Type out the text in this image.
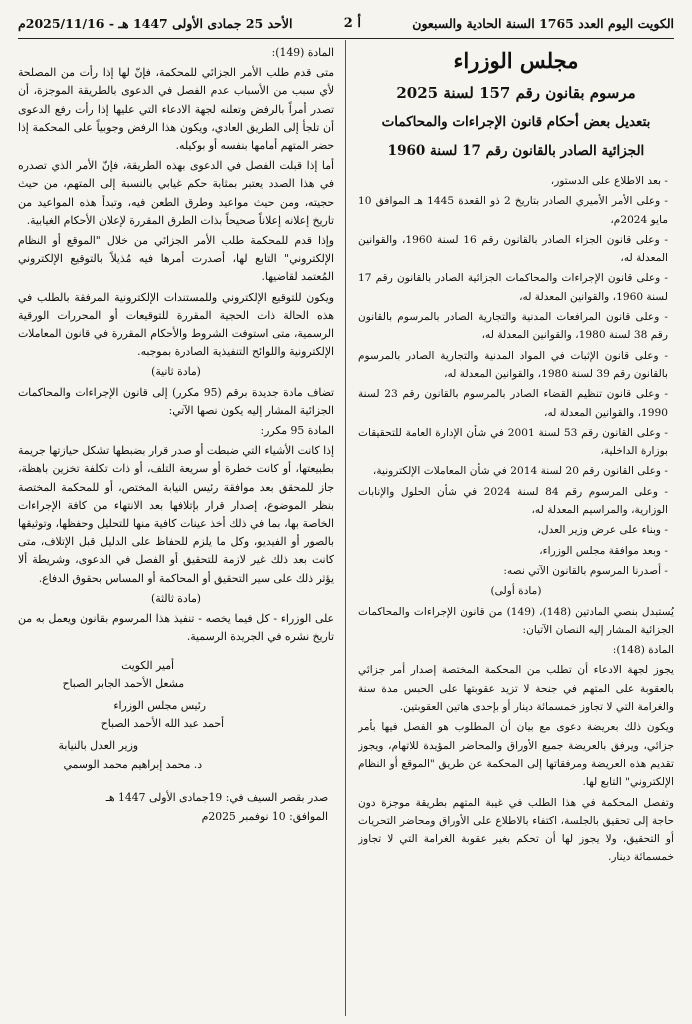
الكويت اليوم العدد 1765 السنة الحادية والسبعون
أ 2
الأحد 25 جمادى الأولى 1447 هـ - 2025/11/16م
مجلس الوزراء
مرسوم بقانون رقم 157 لسنة 2025
بتعديل بعض أحكام قانون الإجراءات والمحاكمات
الجزائية الصادر بالقانون رقم 17 لسنة 1960

- بعد الاطلاع على الدستور،

- وعلى الأمر الأميري الصادر بتاريخ 2 ذو القعدة 1445 هـ الموافق 10 مايو 2024م،

- وعلى قانون الجزاء الصادر بالقانون رقم 16 لسنة 1960، والقوانين المعدلة له،

- وعلى قانون الإجراءات والمحاكمات الجزائية الصادر بالقانون رقم 17 لسنة 1960، والقوانين المعدلة له،

- وعلى قانون المرافعات المدنية والتجارية الصادر بالمرسوم بالقانون رقم 38 لسنة 1980، والقوانين المعدلة له،

- وعلى قانون الإثبات في المواد المدنية والتجارية الصادر بالمرسوم بالقانون رقم 39 لسنة 1980، والقوانين المعدلة له،

- وعلى قانون تنظيم القضاء الصادر بالمرسوم بالقانون رقم 23 لسنة 1990، والقوانين المعدلة له،

- وعلى القانون رقم 53 لسنة 2001 في شأن الإدارة العامة للتحقيقات بوزارة الداخلية،

- وعلى القانون رقم 20 لسنة 2014 في شأن المعاملات الإلكترونية،

- وعلى المرسوم رقم 84 لسنة 2024 في شأن الحلول والإنابات الوزارية، والمراسيم المعدلة له،

- وبناء على عرض وزير العدل،

- وبعد موافقة مجلس الوزراء،

- أصدرنا المرسوم بالقانون الآتي نصه:

(مادة أولى)

يُستبدل بنصي المادتين (148)، (149) من قانون الإجراءات والمحاكمات الجزائية المشار إليه النصان الآتيان:

المادة (148):

يجوز لجهة الادعاء أن تطلب من المحكمة المختصة إصدار أمر جزائي بالعقوبة على المتهم في جنحة لا تزيد عقوبتها على الحبس مدة سنة والغرامة التي لا تجاوز خمسمائة دينار أو بإحدى هاتين العقوبتين.

ويكون ذلك بعريضة دعوى مع بيان أن المطلوب هو الفصل فيها بأمر جزائي، ويرفق بالعريضة جميع الأوراق والمحاضر المؤيدة للاتهام، ويجوز تقديم هذه العريضة ومرفقاتها إلى المحكمة عن طريق "الموقع أو النظام الإلكتروني" التابع لها.

وتفصل المحكمة في هذا الطلب في غيبة المتهم بطريقة موجزة دون حاجة إلى تحقيق بالجلسة، اكتفاء بالاطلاع على الأوراق ومحاضر التحريات أو التحقيق، ولا يجوز لها أن تحكم بغير عقوبة الغرامة التي لا تجاوز خمسمائة دينار.

المادة (149):

متى قدم طلب الأمر الجزائي للمحكمة، فإنّ لها إذا رأت من المصلحة لأي سبب من الأسباب عدم الفصل في الدعوى بالطريقة الموجزة، أن تصدر أمراً بالرفض وتعلنه لجهة الادعاء التي عليها إذا رأت رفع الدعوى أن تلجأ إلى الطريق العادي، ويكون هذا الرفض وجوبياً على المحكمة إذا حضر المتهم أمامها بنفسه أو بوكيله.

أما إذا قبلت الفصل في الدعوى بهذه الطريقة، فإنّ الأمر الذي تصدره في هذا الصدد يعتبر بمثابة حكم غيابي بالنسبة إلى المتهم، من حيث حجيته، ومن حيث مواعيد وطرق الطعن فيه، وتبدأ هذه المواعيد من تاريخ إعلانه إعلاناً صحيحاً بذات الطرق المقررة لإعلان الأحكام الغيابية.

وإذا قدم للمحكمة طلب الأمر الجزائي من خلال "الموقع أو النظام الإلكتروني" التابع لها، أصدرت أمرها فيه مُذيلاً بالتوقيع الإلكتروني المُعتمد لقاضيها.

ويكون للتوقيع الإلكتروني وللمستندات الإلكترونية المرفقة بالطلب في هذه الحالة ذات الحجية المقررة للتوقيعات أو المحررات الورقية الرسمية، متى استوفت الشروط والأحكام المقررة في قانون المعاملات الإلكترونية واللوائح التنفيذية الصادرة بموجبه.

(مادة ثانية)

تضاف مادة جديدة برقم (95 مكرر) إلى قانون الإجراءات والمحاكمات الجزائية المشار إليه يكون نصها الآتي:

المادة 95 مكرر:

إذا كانت الأشياء التي ضبطت أو صدر قرار بضبطها تشكل حيازتها جريمة بطبيعتها، أو كانت خطرة أو سريعة التلف، أو ذات تكلفة تخزين باهظة، جاز للمحقق بعد موافقة رئيس النيابة المختص، أو للمحكمة المختصة بنظر الموضوع، إصدار قرار بإتلافها بعد الانتهاء من كافة الإجراءات الخاصة بها، بما في ذلك أخذ عينات كافية منها للتحليل وحفظها، وتوثيقها بالصور أو الفيديو، وكل ما يلزم للحفاظ على الدليل قبل الإتلاف، متى كانت بعد ذلك غير لازمة للتحقيق أو الفصل في الدعوى، وشريطة ألا يؤثر ذلك على سير التحقيق أو المحاكمة أو المساس بحقوق الدفاع.

(مادة ثالثة)

على الوزراء - كل فيما يخصه - تنفيذ هذا المرسوم بقانون ويعمل به من تاريخ نشره في الجريدة الرسمية.

أمير الكويت

مشعل الأحمد الجابر الصباح

رئيس مجلس الوزراء

أحمد عبد الله الأحمد الصباح

وزير العدل بالنيابة

د. محمد إبراهيم محمد الوسمي

صدر بقصر السيف في: 19جمادى الأولى 1447 هـ
الموافق: 10 نوفمبر 2025م
